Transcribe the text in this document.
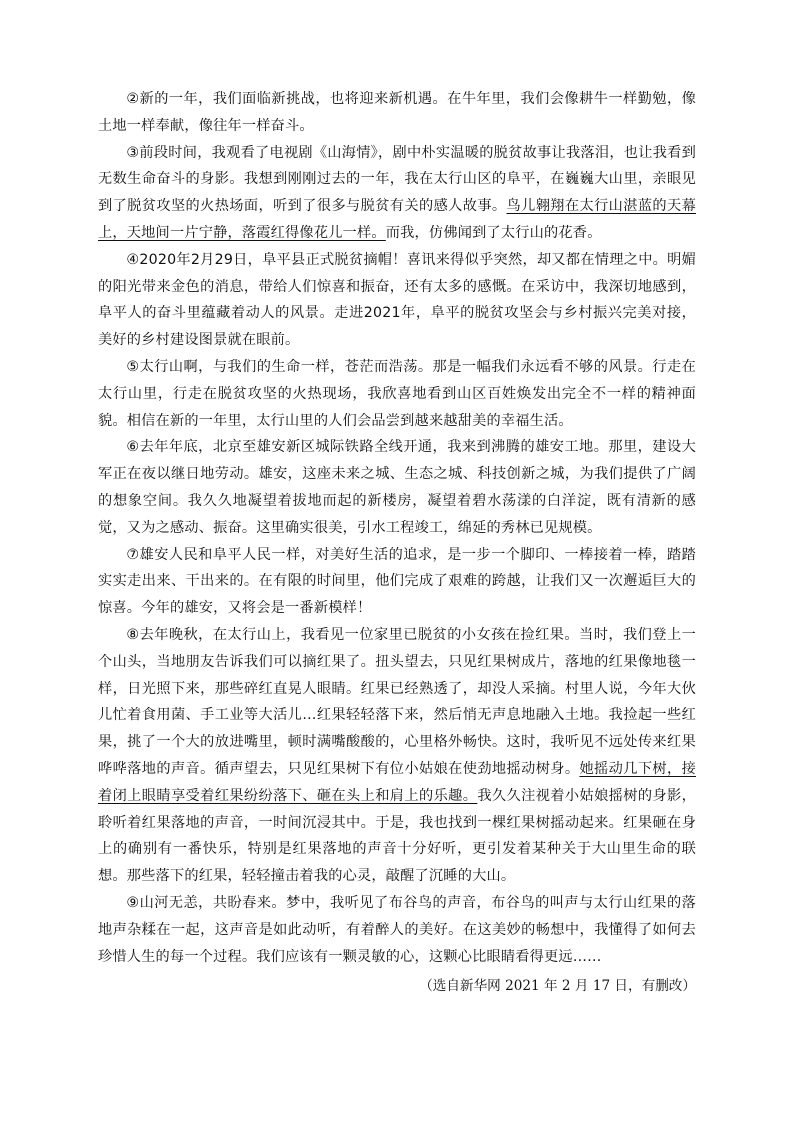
②新的一年，我们面临新挑战，也将迎来新机遇。在牛年里，我们会像耕牛一样勤勉，像土地一样奉献，像往年一样奋斗。

③前段时间，我观看了电视剧《山海情》，剧中朴实温暖的脱贫故事让我落泪，也让我看到无数生命奋斗的身影。我想到刚刚过去的一年，我在太行山区的阜平，在巍巍大山里，亲眼见到了脱贫攻坚的火热场面，听到了很多与脱贫有关的感人故事。鸟儿翱翔在太行山湛蓝的天幕上，天地间一片宁静，落霞红得像花儿一样。而我，仿佛闻到了太行山的花香。

④2020年2月29日，阜平县正式脱贫摘帽！喜讯来得似乎突然，却又都在情理之中。明媚的阳光带来金色的消息，带给人们惊喜和振奋，还有太多的感慨。在采访中，我深切地感到，阜平人的奋斗里蕴藏着动人的风景。走进2021年，阜平的脱贫攻坚会与乡村振兴完美对接，美好的乡村建设图景就在眼前。

⑤太行山啊，与我们的生命一样，苍茫而浩荡。那是一幅我们永远看不够的风景。行走在太行山里，行走在脱贫攻坚的火热现场，我欣喜地看到山区百姓焕发出完全不一样的精神面貌。相信在新的一年里，太行山里的人们会品尝到越来越甜美的幸福生活。

⑥去年年底，北京至雄安新区城际铁路全线开通，我来到沸腾的雄安工地。那里，建设大军正在夜以继日地劳动。雄安，这座未来之城、生态之城、科技创新之城，为我们提供了广阔的想象空间。我久久地凝望着拔地而起的新楼房，凝望着碧水荡漾的白洋淀，既有清新的感觉，又为之感动、振奋。这里确实很美，引水工程竣工，绵延的秀林已见规模。

⑦雄安人民和阜平人民一样，对美好生活的追求，是一步一个脚印、一棒接着一棒，踏踏实实走出来、干出来的。在有限的时间里，他们完成了艰难的跨越，让我们又一次邂逅巨大的惊喜。今年的雄安，又将会是一番新模样！

⑧去年晚秋，在太行山上，我看见一位家里已脱贫的小女孩在捡红果。当时，我们登上一个山头，当地朋友告诉我们可以摘红果了。扭头望去，只见红果树成片，落地的红果像地毯一样，日光照下来，那些碎红直晃人眼睛。红果已经熟透了，却没人采摘。村里人说，今年大伙儿忙着食用菌、手工业等大活儿…红果轻轻落下来，然后悄无声息地融入土地。我捡起一些红果，挑了一个大的放进嘴里，顿时满嘴酸酸的，心里格外畅快。这时，我听见不远处传来红果哗哗落地的声音。循声望去，只见红果树下有位小姑娘在使劲地摇动树身。她摇动几下树，接着闭上眼睛享受着红果纷纷落下、砸在头上和肩上的乐趣。我久久注视着小姑娘摇树的身影，聆听着红果落地的声音，一时间沉浸其中。于是，我也找到一棵红果树摇动起来。红果砸在身上的确别有一番快乐，特别是红果落地的声音十分好听，更引发着某种关于大山里生命的联想。那些落下的红果，轻轻撞击着我的心灵，敲醒了沉睡的大山。

⑨山河无恙，共盼春来。梦中，我听见了布谷鸟的声音，布谷鸟的叫声与太行山红果的落地声杂糅在一起，这声音是如此动听，有着醉人的美好。在这美妙的畅想中，我懂得了如何去珍惜人生的每一个过程。我们应该有一颗灵敏的心，这颗心比眼睛看得更远……

（选自新华网 2021 年 2 月 17 日，有删改）
